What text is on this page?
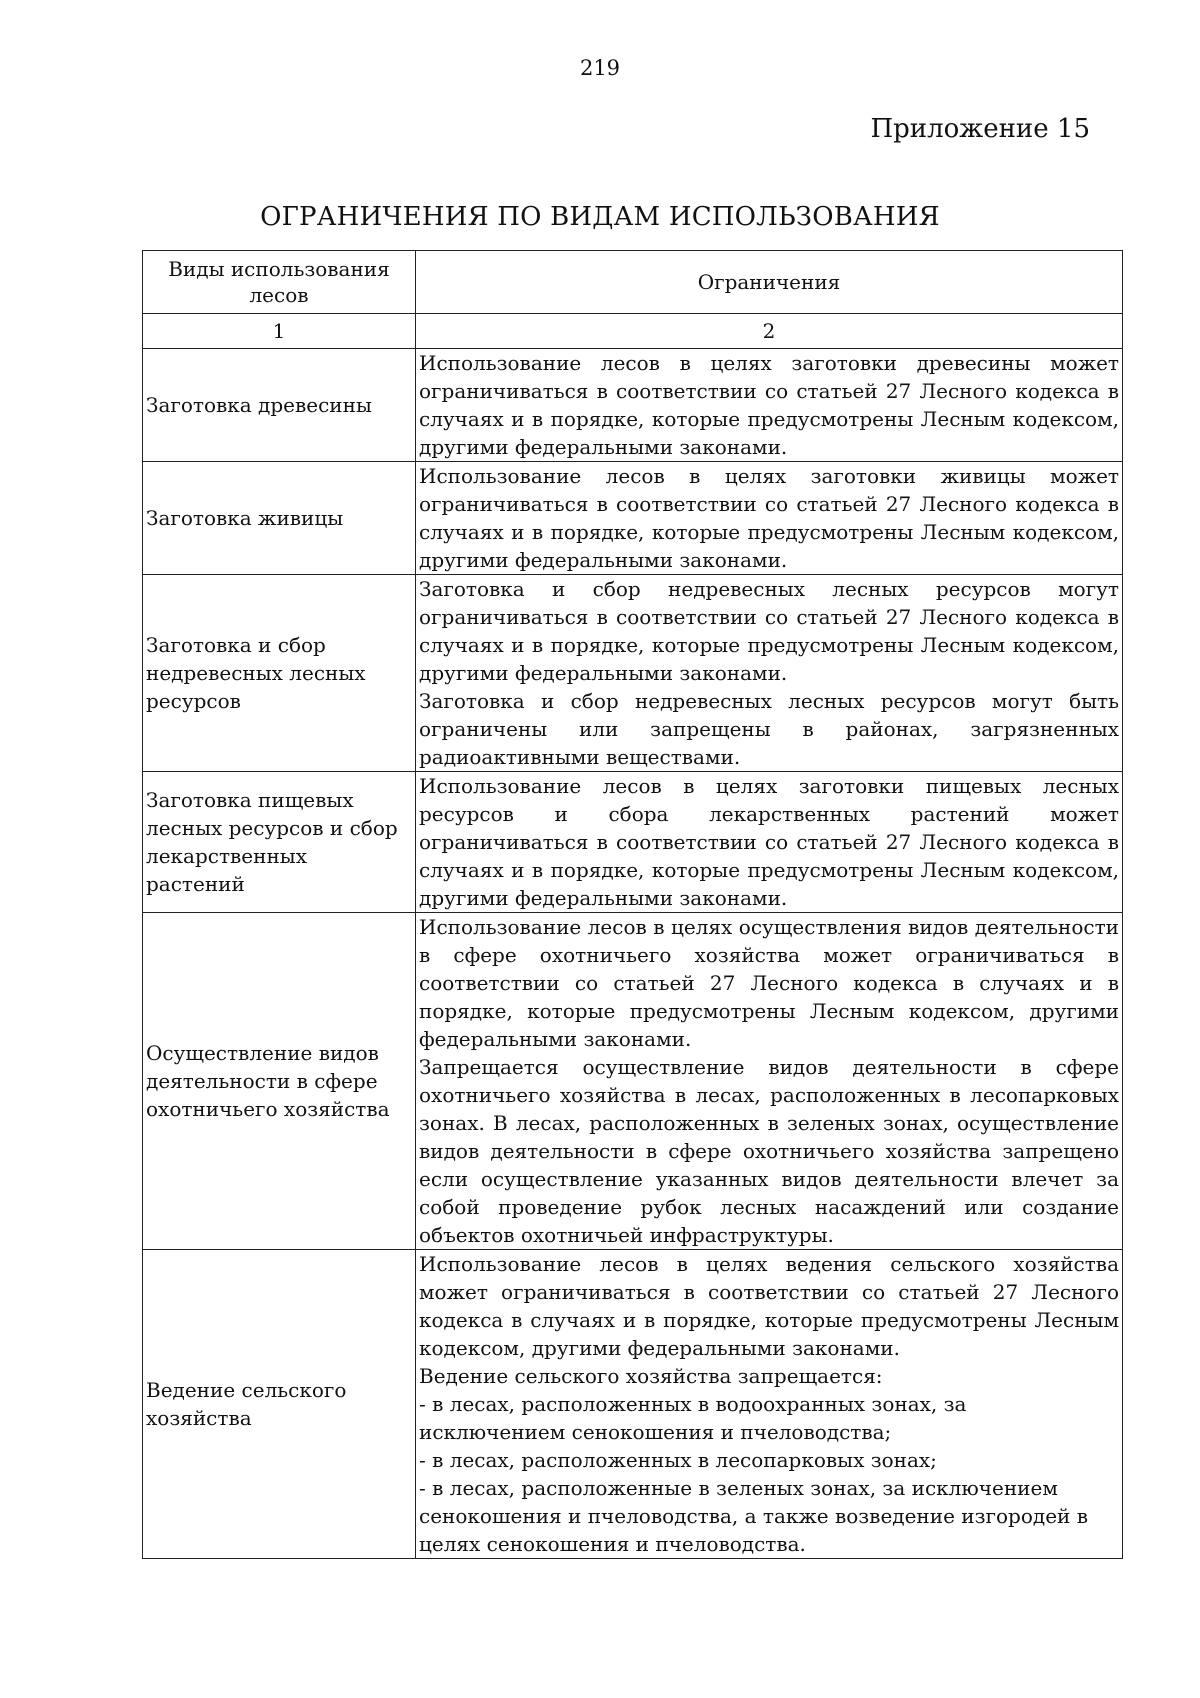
219
Приложение 15
ОГРАНИЧЕНИЯ ПО ВИДАМ ИСПОЛЬЗОВАНИЯ
Виды использования лесов	Ограничения
1	2
Заготовка древесины	Использование лесов в целях заготовки древесины может ограничиваться в соответствии со статьей 27 Лесного кодекса в случаях и в порядке, которые предусмотрены Лесным кодексом, другими федеральными законами.

Заготовка живицы	Использование лесов в целях заготовки живицы может ограничиваться в соответствии со статьей 27 Лесного кодекса в случаях и в порядке, которые предусмотрены Лесным кодексом, другими федеральными законами.

Заготовка и сбор недревесных лесных ресурсов	Заготовка и сбор недревесных лесных ресурсов могут ограничиваться в соответствии со статьей 27 Лесного кодекса в случаях и в порядке, которые предусмотрены Лесным кодексом, другими федеральными законами.

Заготовка и сбор недревесных лесных ресурсов могут быть ограничены или запрещены в районах, загрязненных радиоактивными веществами.

Заготовка пищевых лесных ресурсов и сбор лекарственных растений	Использование лесов в целях заготовки пищевых лесных ресурсов и сбора лекарственных растений может ограничиваться в соответствии со статьей 27 Лесного кодекса в случаях и в порядке, которые предусмотрены Лесным кодексом, другими федеральными законами.

Осуществление видов деятельности в сфере охотничьего хозяйства	Использование лесов в целях осуществления видов деятельности в сфере охотничьего хозяйства может ограничиваться в соответствии со статьей 27 Лесного кодекса в случаях и в порядке, которые предусмотрены Лесным кодексом, другими федеральными законами.

Запрещается осуществление видов деятельности в сфере охотничьего хозяйства в лесах, расположенных в лесопарковых зонах. В лесах, расположенных в зеленых зонах, осуществление видов деятельности в сфере охотничьего хозяйства запрещено если осуществление указанных видов деятельности влечет за собой проведение рубок лесных насаждений или создание объектов охотничьей инфраструктуры.

Ведение сельского хозяйства	Использование лесов в целях ведения сельского хозяйства может ограничиваться в соответствии со статьей 27 Лесного кодекса в случаях и в порядке, которые предусмотрены Лесным кодексом, другими федеральными законами.

Ведение сельского хозяйства запрещается:

- в лесах, расположенных в водоохранных зонах, за исключением сенокошения и пчеловодства;

- в лесах, расположенных в лесопарковых зонах;

- в лесах, расположенные в зеленых зонах, за исключением сенокошения и пчеловодства, а также возведение изгородей в целях сенокошения и пчеловодства.
